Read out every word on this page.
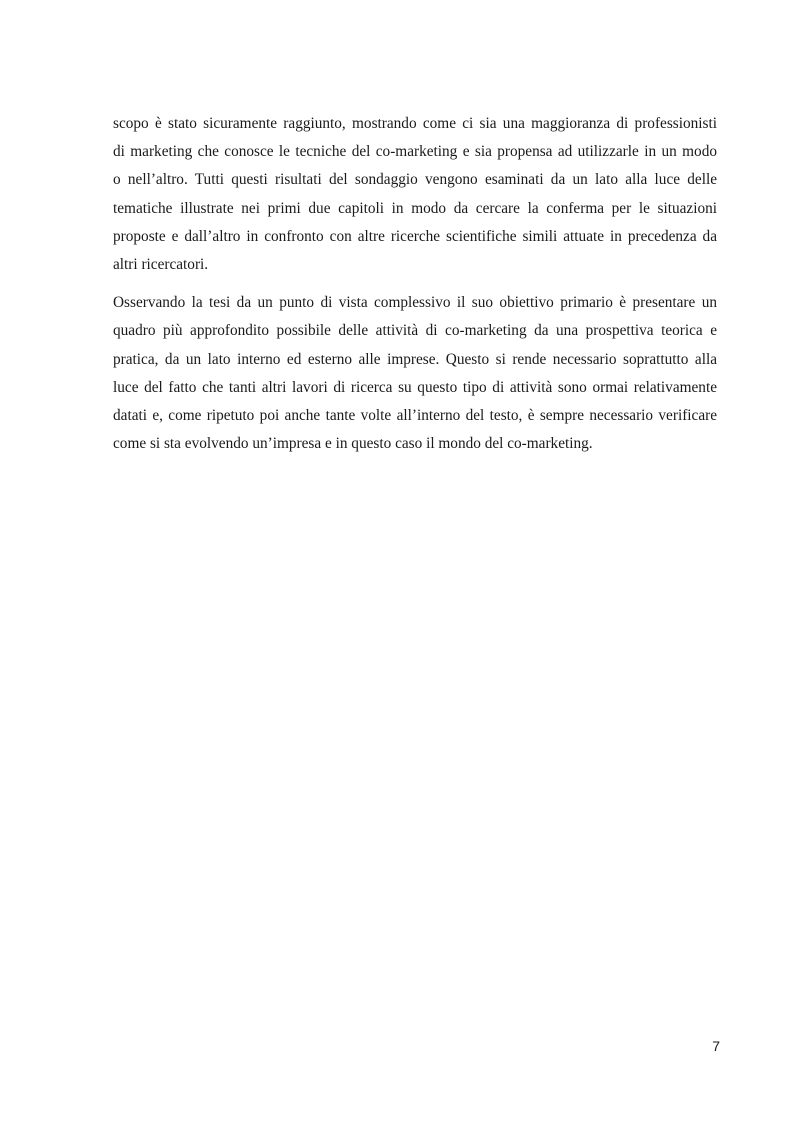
scopo è stato sicuramente raggiunto, mostrando come ci sia una maggioranza di professionisti
di marketing che conosce le tecniche del co-marketing e sia propensa ad utilizzarle in un modo
o nell’altro. Tutti questi risultati del sondaggio vengono esaminati da un lato alla luce delle
tematiche illustrate nei primi due capitoli in modo da cercare la conferma per le situazioni
proposte e dall’altro in confronto con altre ricerche scientifiche simili attuate in precedenza da
altri ricercatori.

Osservando la tesi da un punto di vista complessivo il suo obiettivo primario è presentare un
quadro più approfondito possibile delle attività di co-marketing da una prospettiva teorica e
pratica, da un lato interno ed esterno alle imprese. Questo si rende necessario soprattutto alla
luce del fatto che tanti altri lavori di ricerca su questo tipo di attività sono ormai relativamente
datati e, come ripetuto poi anche tante volte all’interno del testo, è sempre necessario verificare
come si sta evolvendo un’impresa e in questo caso il mondo del co-marketing.

7
